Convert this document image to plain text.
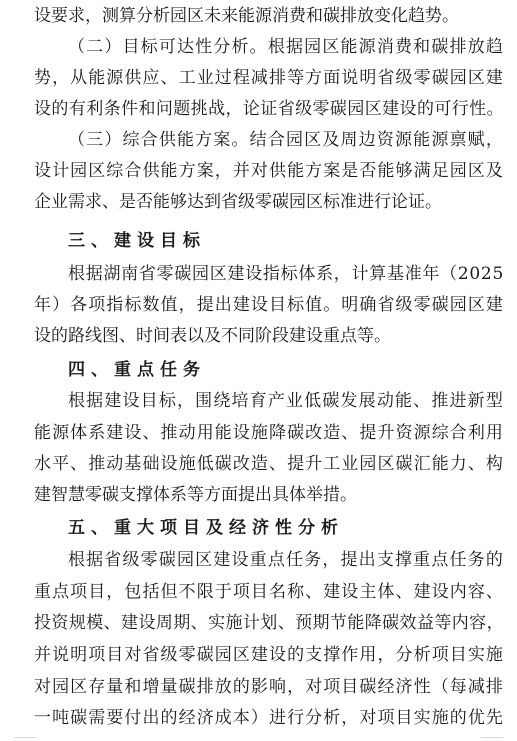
设要求，测算分析园区未来能源消费和碳排放变化趋势。
（二）目标可达性分析。根据园区能源消费和碳排放趋
势，从能源供应、工业过程减排等方面说明省级零碳园区建
设的有利条件和问题挑战，论证省级零碳园区建设的可行性。
（三）综合供能方案。结合园区及周边资源能源禀赋，
设计园区综合供能方案，并对供能方案是否能够满足园区及
企业需求、是否能够达到省级零碳园区标准进行论证。
三、建设目标
根据湖南省零碳园区建设指标体系，计算基准年（2025
年）各项指标数值，提出建设目标值。明确省级零碳园区建
设的路线图、时间表以及不同阶段建设重点等。
四、重点任务
根据建设目标，围绕培育产业低碳发展动能、推进新型
能源体系建设、推动用能设施降碳改造、提升资源综合利用
水平、推动基础设施低碳改造、提升工业园区碳汇能力、构
建智慧零碳支撑体系等方面提出具体举措。
五、重大项目及经济性分析
根据省级零碳园区建设重点任务，提出支撑重点任务的
重点项目，包括但不限于项目名称、建设主体、建设内容、
投资规模、建设周期、实施计划、预期节能降碳效益等内容，
并说明项目对省级零碳园区建设的支撑作用，分析项目实施
对园区存量和增量碳排放的影响，对项目碳经济性（每减排
一吨碳需要付出的经济成本）进行分析，对项目实施的优先
